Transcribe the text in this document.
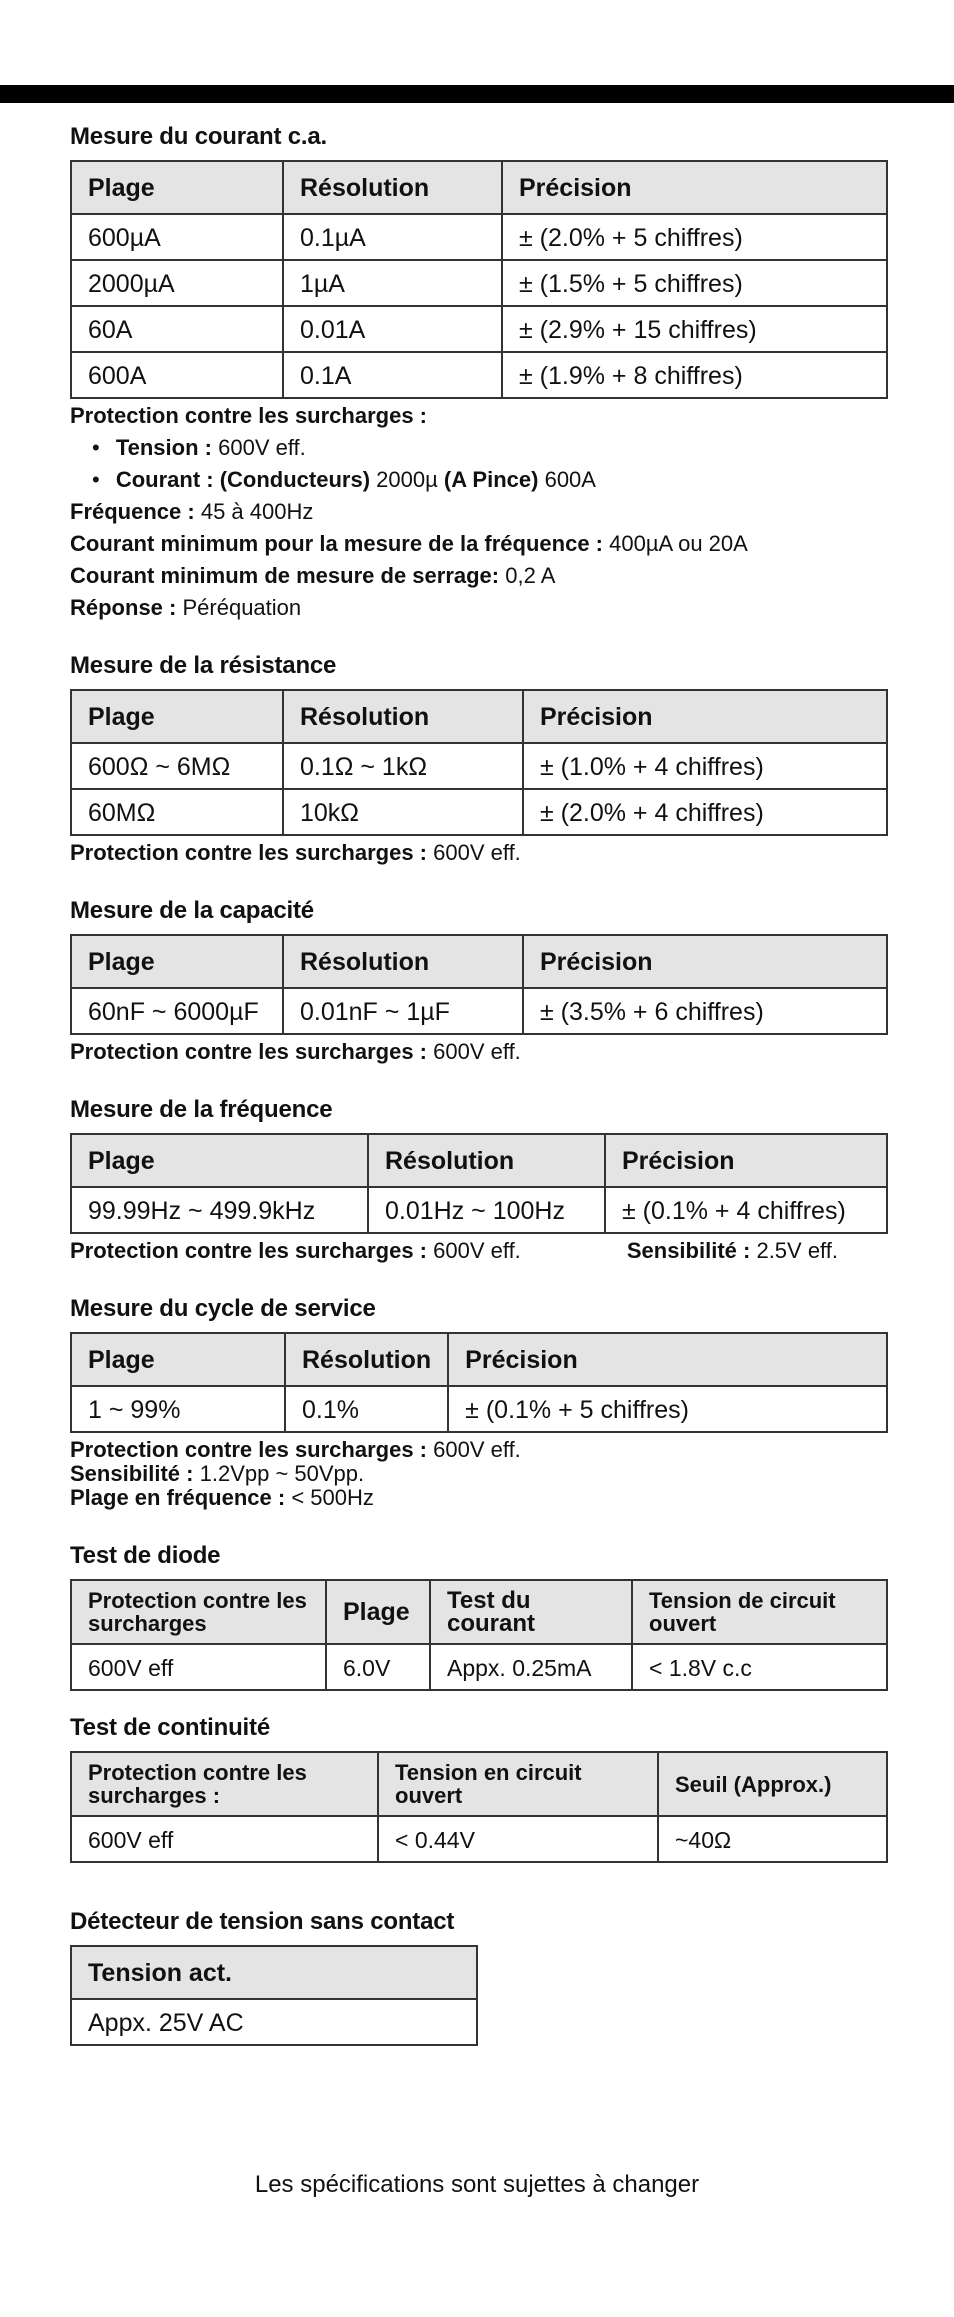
Mesure du courant c.a.
Plage	Résolution	Précision
600µA	0.1µA	± (2.0% + 5 chiffres)
2000µA	1µA	± (1.5% + 5 chiffres)
60A	0.01A	± (2.9% + 15 chiffres)
600A	0.1A	± (1.9% + 8 chiffres)
Protection contre les surcharges :
• Tension : 600V eff.
• Courant : (Conducteurs) 2000µ (A Pince) 600A
Fréquence : 45 à 400Hz
Courant minimum pour la mesure de la fréquence : 400µA ou 20A
Courant minimum de mesure de serrage: 0,2 A
Réponse : Péréquation
Mesure de la résistance
Plage	Résolution	Précision
600Ω ~ 6MΩ	0.1Ω ~ 1kΩ	± (1.0% + 4 chiffres)
60MΩ	10kΩ	± (2.0% + 4 chiffres)
Protection contre les surcharges : 600V eff.
Mesure de la capacité
Plage	Résolution	Précision
60nF ~ 6000µF	0.01nF ~ 1µF	± (3.5% + 6 chiffres)
Protection contre les surcharges : 600V eff.
Mesure de la fréquence
Plage	Résolution	Précision
99.99Hz ~ 499.9kHz	0.01Hz ~ 100Hz	± (0.1% + 4 chiffres)
Protection contre les surcharges : 600V eff.	Sensibilité : 2.5V eff.
Mesure du cycle de service
Plage	Résolution	Précision
1 ~ 99%	0.1%	± (0.1% + 5 chiffres)
Protection contre les surcharges : 600V eff.
Sensibilité : 1.2Vpp ~ 50Vpp.
Plage en fréquence : < 500Hz
Test de diode
Protection contre les surcharges	Plage	Test du courant	Tension de circuit ouvert
600V eff	6.0V	Appx. 0.25mA	< 1.8V c.c
Test de continuité
Protection contre les surcharges :	Tension en circuit ouvert	Seuil (Approx.)
600V eff	< 0.44V	~40Ω
Détecteur de tension sans contact
Tension act.
Appx. 25V AC
Les spécifications sont sujettes à changer
